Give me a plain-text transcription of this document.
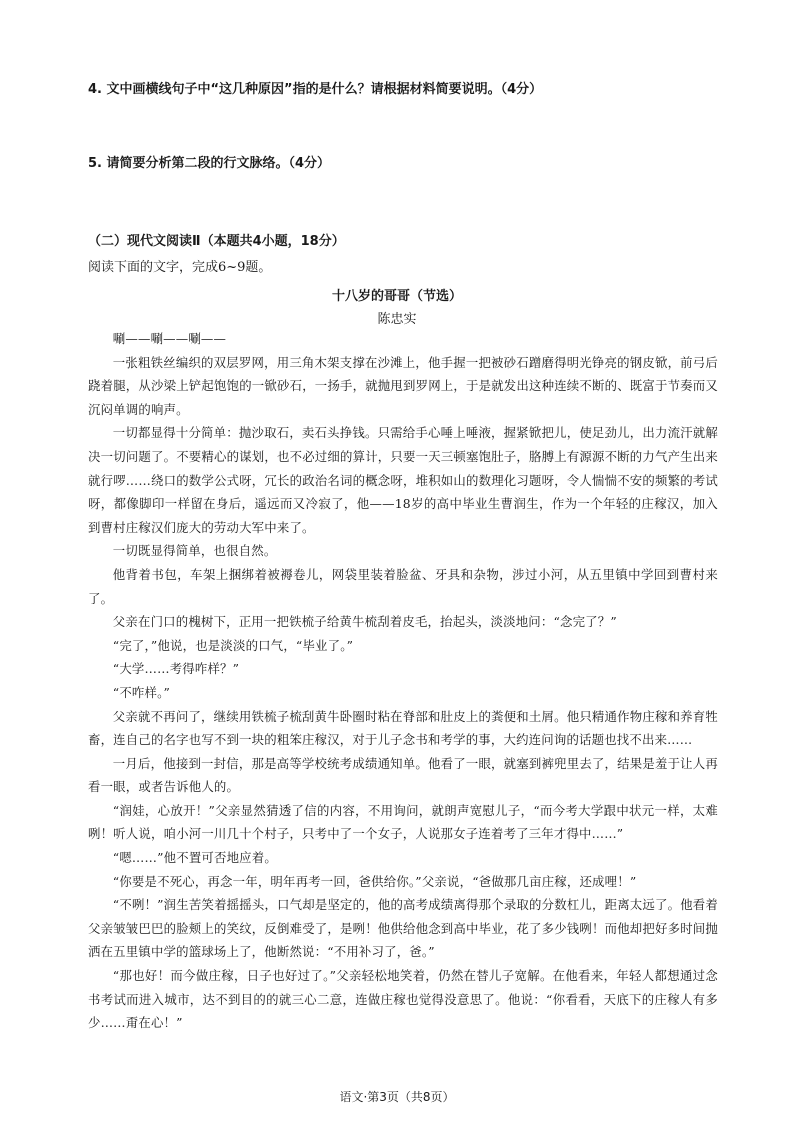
4. 文中画横线句子中“这几种原因”指的是什么？请根据材料简要说明。（4分）
5. 请简要分析第二段的行文脉络。（4分）
（二）现代文阅读Ⅱ（本题共4小题，18分）
阅读下面的文字，完成6~9题。
十八岁的哥哥（节选）
陈忠实

唰——唰——唰——

一张粗铁丝编织的双层罗网，用三角木架支撑在沙滩上，他手握一把被砂石蹭磨得明光铮亮的钢皮锨，前弓后跷着腿，从沙梁上铲起饱饱的一锨砂石，一扬手，就抛甩到罗网上，于是就发出这种连续不断的、既富于节奏而又沉闷单调的响声。

一切都显得十分简单：抛沙取石，卖石头挣钱。只需给手心唾上唾液，握紧锨把儿，使足劲儿，出力流汗就解决一切问题了。不要精心的谋划，也不必过细的算计，只要一天三顿塞饱肚子，胳膊上有源源不断的力气产生出来就行啰……绕口的数学公式呀，冗长的政治名词的概念呀，堆积如山的数理化习题呀，令人惴惴不安的频繁的考试呀，都像脚印一样留在身后，遥远而又冷寂了，他——18岁的高中毕业生曹润生，作为一个年轻的庄稼汉，加入到曹村庄稼汉们庞大的劳动大军中来了。

一切既显得简单，也很自然。

他背着书包，车架上捆绑着被褥卷儿，网袋里装着脸盆、牙具和杂物，涉过小河，从五里镇中学回到曹村来了。

父亲在门口的槐树下，正用一把铁梳子给黄牛梳刮着皮毛，抬起头，淡淡地问：“念完了？”

“完了，”他说，也是淡淡的口气，“毕业了。”

“大学……考得咋样？”

“不咋样。”

父亲就不再问了，继续用铁梳子梳刮黄牛卧圈时粘在脊部和肚皮上的粪便和土屑。他只精通作物庄稼和养育牲畜，连自己的名字也写不到一块的粗笨庄稼汉，对于儿子念书和考学的事，大约连问询的话题也找不出来……

一月后，他接到一封信，那是高等学校统考成绩通知单。他看了一眼，就塞到裤兜里去了，结果是羞于让人再看一眼，或者告诉他人的。

“润娃，心放开！”父亲显然猜透了信的内容，不用询问，就朗声宽慰儿子，“而今考大学跟中状元一样，太难咧！听人说，咱小河一川几十个村子，只考中了一个女子，人说那女子连着考了三年才得中……”

“嗯……”他不置可否地应着。

“你要是不死心，再念一年，明年再考一回，爸供给你。”父亲说，“爸做那几亩庄稼，还成哩！”

“不咧！”润生苦笑着摇摇头，口气却是坚定的，他的高考成绩离得那个录取的分数杠儿，距离太远了。他看着父亲皱皱巴巴的脸颊上的笑纹，反倒难受了，是咧！他供给他念到高中毕业，花了多少钱咧！而他却把好多时间抛洒在五里镇中学的篮球场上了，他断然说：“不用补习了，爸。”

“那也好！而今做庄稼，日子也好过了。”父亲轻松地笑着，仍然在替儿子宽解。在他看来，年轻人都想通过念书考试而进入城市，达不到目的的就三心二意，连做庄稼也觉得没意思了。他说：“你看看，天底下的庄稼人有多少……甭在心！”

语文·第3页（共8页）
